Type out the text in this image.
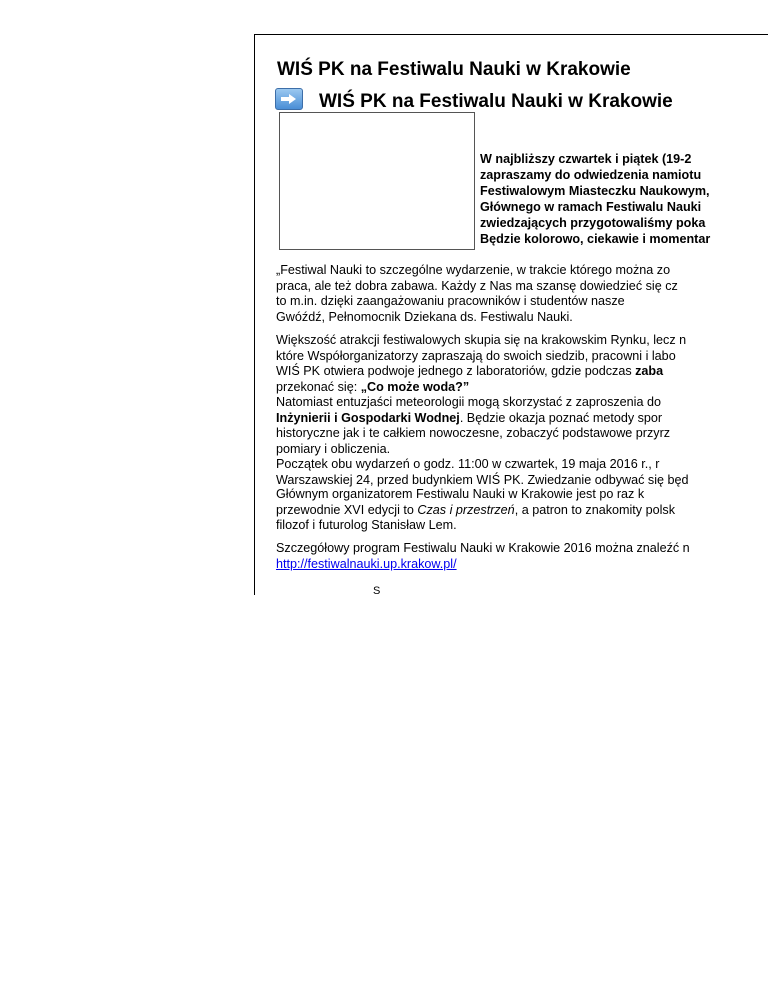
WIŚ PK na Festiwalu Nauki w Krakowie
WIŚ PK na Festiwalu Nauki w Krakowie
W najbliższy czwartek i piątek (19-2
zapraszamy do odwiedzenia namiotu
Festiwalowym Miasteczku Naukowym,
Głównego w ramach Festiwalu Nauki
zwiedzających przygotowaliśmy poka
Będzie kolorowo, ciekawie i momentar
„Festiwal Nauki to szczególne wydarzenie, w trakcie którego można zo
praca, ale też dobra zabawa. Każdy z Nas ma szansę dowiedzieć się cz
to m.in. dzięki zaangażowaniu pracowników i studentów nasze
Gwóźdź, Pełnomocnik Dziekana ds. Festiwalu Nauki.
Większość atrakcji festiwalowych skupia się na krakowskim Rynku, lecz n
które Współorganizatorzy zapraszają do swoich siedzib, pracowni i labo
WIŚ PK otwiera podwoje jednego z laboratoriów, gdzie podczas zaba
przekonać się: „Co może woda?”
Natomiast entuzjaści meteorologii mogą skorzystać z zaproszenia do
Inżynierii i Gospodarki Wodnej. Będzie okazja poznać metody spor
historyczne jak i te całkiem nowoczesne, zobaczyć podstawowe przyrz
pomiary i obliczenia.
Początek obu wydarzeń o godz. 11:00 w czwartek, 19 maja 2016 r., r
Warszawskiej 24, przed budynkiem WIŚ PK. Zwiedzanie odbywać się będ
Głównym organizatorem Festiwalu Nauki w Krakowie jest po raz k
przewodnie XVI edycji to Czas i przestrzeń, a patron to znakomity polsk
filozof i futurolog Stanisław Lem.
Szczegółowy program Festiwalu Nauki w Krakowie 2016 można znaleźć n
http://festiwalnauki.up.krakow.pl/
Ś
